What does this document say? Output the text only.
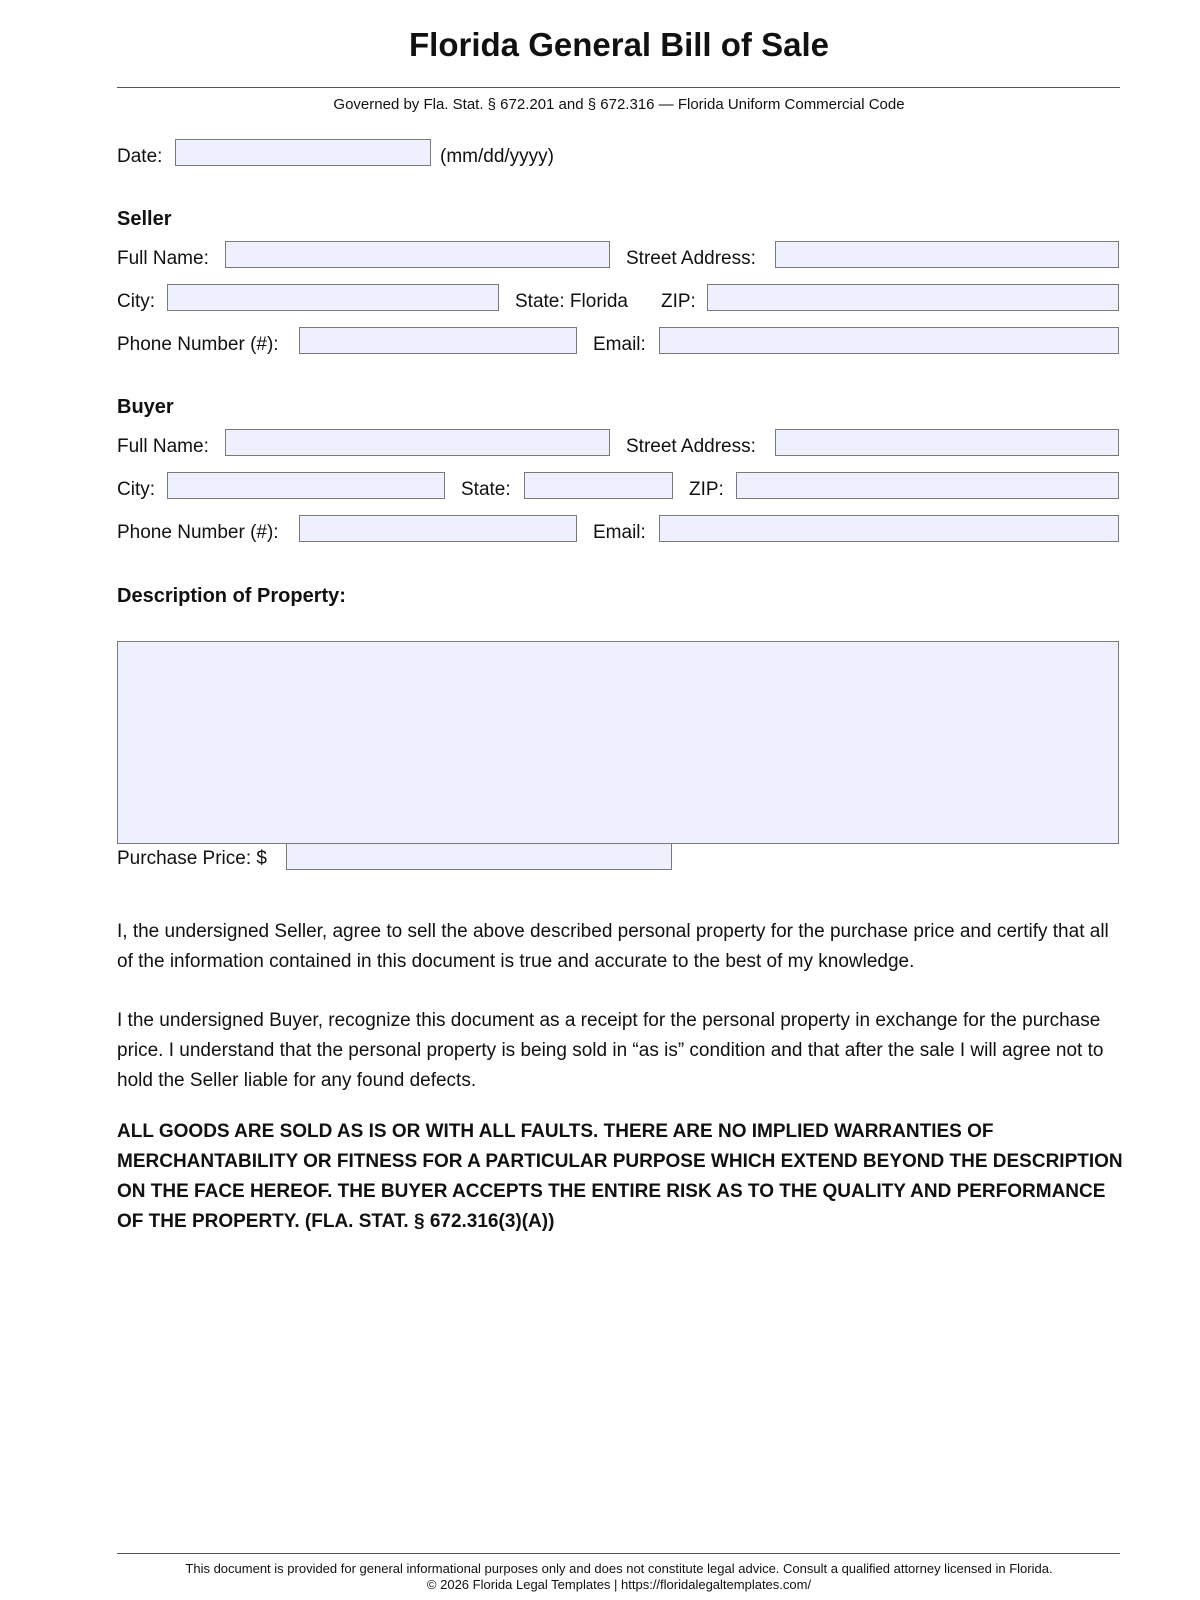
Florida General Bill of Sale
Governed by Fla. Stat. § 672.201 and § 672.316 — Florida Uniform Commercial Code
Date:	(mm/dd/yyyy)
Seller
Full Name:	Street Address:
City:	State: Florida ZIP:
Phone Number (#):	Email:
Buyer
Full Name:	Street Address:
City:	State:	ZIP:
Phone Number (#):	Email:
Description of Property:
Purchase Price: $
I, the undersigned Seller, agree to sell the above described personal property for the purchase price and certify that all of the information contained in this document is true and accurate to the best of my knowledge.
I the undersigned Buyer, recognize this document as a receipt for the personal property in exchange for the purchase price. I understand that the personal property is being sold in “as is” condition and that after the sale I will agree not to hold the Seller liable for any found defects.
ALL GOODS ARE SOLD AS IS OR WITH ALL FAULTS. THERE ARE NO IMPLIED WARRANTIES OF MERCHANTABILITY OR FITNESS FOR A PARTICULAR PURPOSE WHICH EXTEND BEYOND THE DESCRIPTION ON THE FACE HEREOF. THE BUYER ACCEPTS THE ENTIRE RISK AS TO THE QUALITY AND PERFORMANCE OF THE PROPERTY. (FLA. STAT. § 672.316(3)(A))
This document is provided for general informational purposes only and does not constitute legal advice. Consult a qualified attorney licensed in Florida.
© 2026 Florida Legal Templates | https://floridalegaltemplates.com/
